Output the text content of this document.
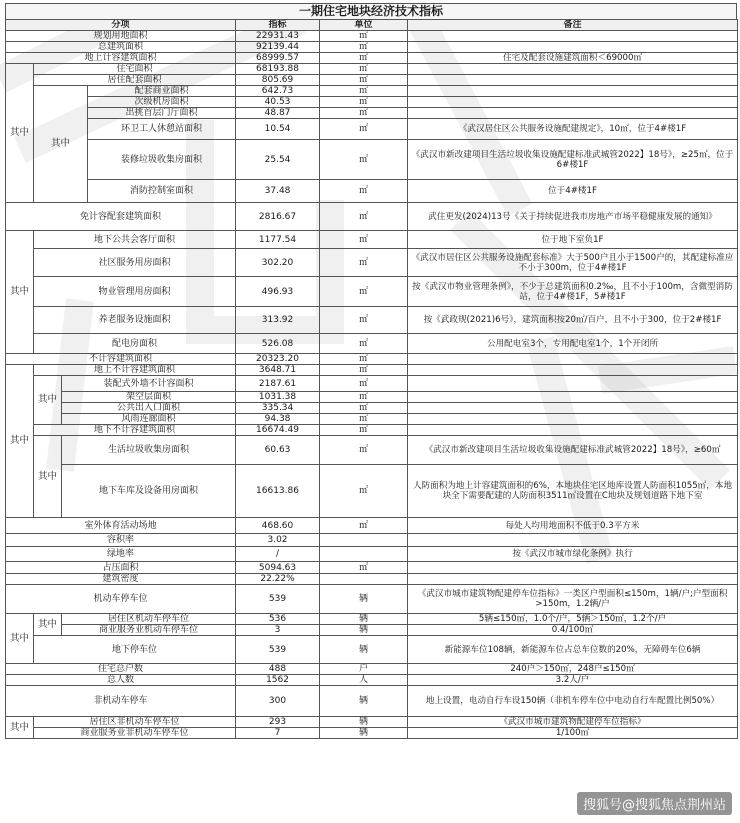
一期住宅地块经济技术指标
分项				指标	单位	备注
规划用地面积				22931.43	㎡	
总建筑面积				92139.44	㎡	
地上计容建筑面积				68999.57	㎡	住宅及配套设施建筑面积＜69000㎡
其中	住宅面积			68193.88	㎡	
	居住配套面积			805.69	㎡	
	其中		配套商业面积	642.73	㎡	
			次级机房面积	40.53	㎡	
			出挑首层门厅面积	48.87	㎡	
			环卫工人休憩站面积	10.54	㎡	《武汉居住区公共服务设施配建规定》，10㎡，位于4#楼1F
			装修垃圾收集房面积	25.54	㎡	《武汉市新改建项目生活垃圾收集设施配建标准武城管2022】18号》，≥25㎡，位于6#楼1F
			消防控制室面积	37.48	㎡	位于4#楼1F
免计容配套建筑面积				2816.67	㎡	武住更发(2024)13号《关于持续促进我市房地产市场平稳健康发展的通知》
其中	地下公共会客厅面积			1177.54	㎡	位于地下室负1F
	社区服务用房面积			302.20	㎡	《武汉市居住区公共服务设施配套标准》大于500户且小于1500户的，其配建标准应不小于300m，位于4#楼1F
	物业管理用房面积			496.93	㎡	按《武汉市物业管理条例》，不少于总建筑面积0.2‰，且不小于100m，含微型消防站，位于4#楼1F，5#楼1F
	养老服务设施面积			313.92	㎡	按《武政规(2021)6号》，建筑面积按20㎡/百户，且不小于300，位于2#楼1F
	配电房面积			526.08	㎡	公用配电室3个，专用配电室1个，1个开闭所
不计容建筑面积				20323.20	㎡	
其中	地上不计容建筑面积			3648.71	㎡	
	其中	装配式外墙不计容面积		2187.61	㎡	
		架空层面积		1031.38	㎡	
		公共出入口面积		335.34	㎡	
		风雨连廊面积		94.38	㎡	
	地下不计容建筑面积			16674.49	㎡	
	其中	生活垃圾收集房面积		60.63	㎡	《武汉市新改建项目生活垃圾收集设施配建标准武城管2022】18号》，≥60㎡
		地下车库及设备用房面积		16613.86	㎡	人防面积为地上计容建筑面积的6%，本地块住宅区地库设置人防面积1055㎡，本地块全下需要配建的人防面积3511㎡设置在C地块及规划道路下地下室
室外体育活动场地				468.60	㎡	每处人均用地面积不低于0.3平方米
容积率				3.02		
绿地率				/		按《武汉市城市绿化条例》执行
占压面积				5094.63	㎡	
建筑密度				22.22%		
机动车停车位				539	辆	《武汉市城市建筑物配建停车位指标》一类区户型面积≤150m，1辆/户;户型面积>150m，1.2辆/户
其中	其中	居住区机动车停车位		536	辆	5辆≤150㎡，1.0个/户，5辆＞150㎡，1.2个/户
		商业服务业机动车停车位		3	辆	0.4/100㎡
	地下停车位			539	辆	新能源车位108辆，新能源车位占总车位数的20%，无障碍车位6辆
住宅总户数				488	户	240户＞150㎡，248户≤150㎡
总人数				1562	人	3.2人/户
非机动车停车				300	辆	地上设置，电动自行车设150辆（非机车停车位中电动自行车配置比例50%）
其中	居住区非机动车停车位			293	辆	《武汉市城市建筑物配建停车位指标》
	商业服务业非机动车停车位			7	辆	1/100㎡
搜狐号@搜狐焦点荆州站
